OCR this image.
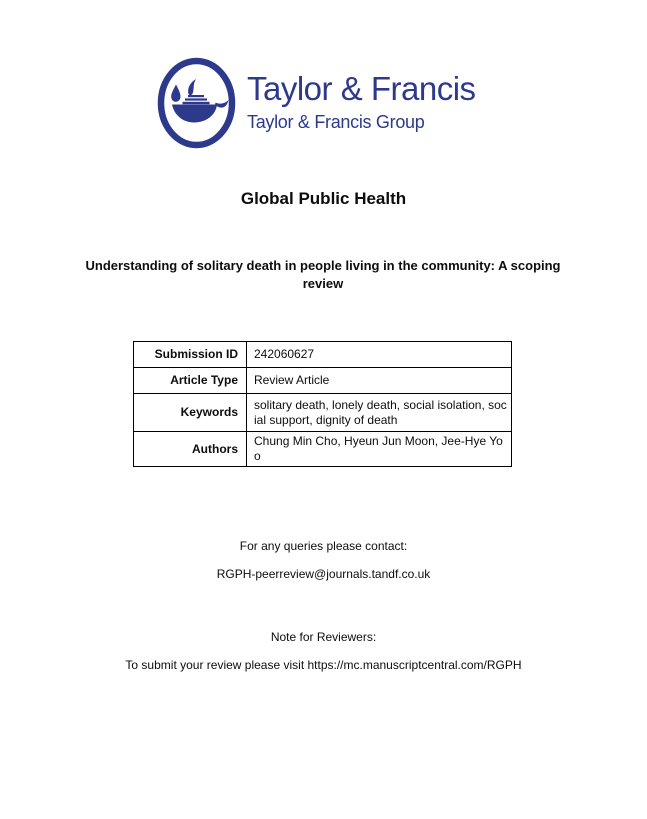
Taylor & Francis
Taylor & Francis Group
Global Public Health
Understanding of solitary death in people living in the community: A scoping review
Submission ID	242060627
Article Type	Review Article
Keywords	solitary death, lonely death, social isolation, social support, dignity of death
Authors	Chung Min Cho, Hyeun Jun Moon, Jee-Hye Yoo
For any queries please contact:
RGPH-peerreview@journals.tandf.co.uk
Note for Reviewers:
To submit your review please visit https://mc.manuscriptcentral.com/RGPH
